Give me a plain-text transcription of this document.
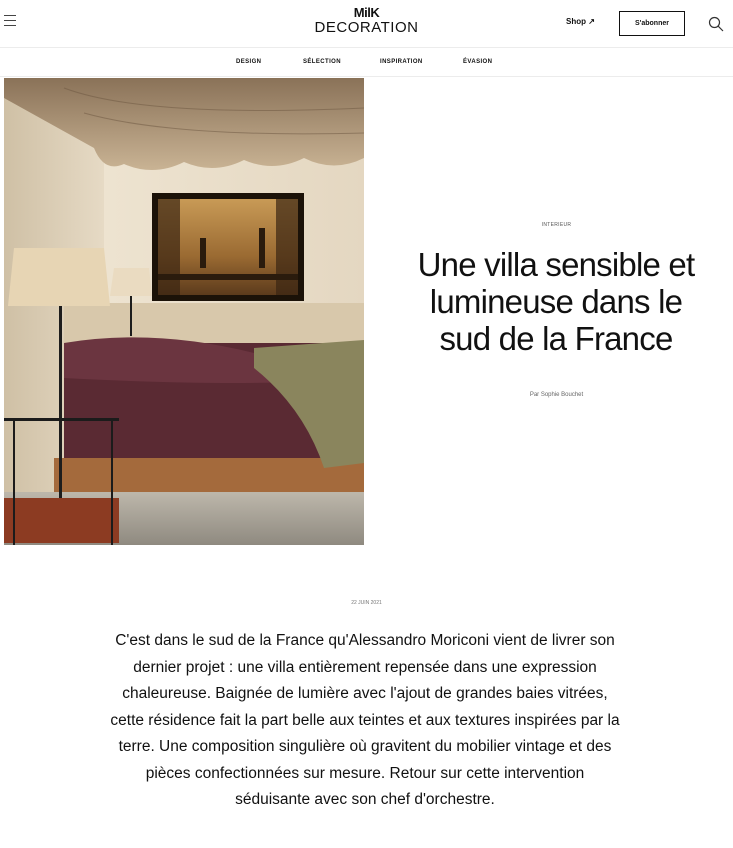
MilK
DECORATION	Shop ↗	S'abonner
DESIGN	SÉLECTION	INSPIRATION	ÉVASION
INTERIEUR
Une villa sensible et
lumineuse dans le
sud de la France
Par Sophie Bouchet
22 JUIN 2021

C'est dans le sud de la France qu'Alessandro Moriconi vient de livrer son dernier projet : une villa entièrement repensée dans une expression chaleureuse. Baignée de lumière avec l'ajout de grandes baies vitrées, cette résidence fait la part belle aux teintes et aux textures inspirées par la terre. Une composition singulière où gravitent du mobilier vintage et des pièces confectionnées sur mesure. Retour sur cette intervention séduisante avec son chef d'orchestre.
